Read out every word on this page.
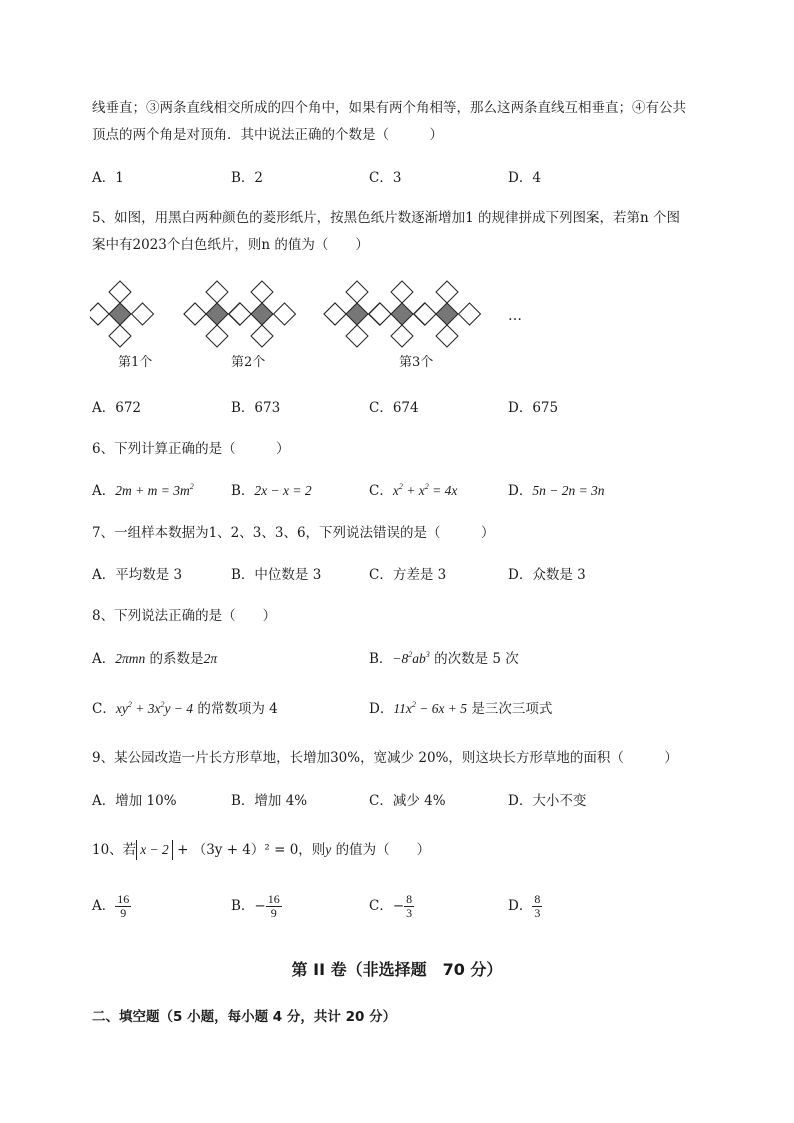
线垂直；③两条直线相交所成的四个角中，如果有两个角相等，那么这两条直线互相垂直；④有公共
顶点的两个角是对顶角．其中说法正确的个数是（　　　）
A．1	B．2	C．3	D．4
5、如图，用黑白两种颜色的菱形纸片，按黑色纸片数逐渐增加1 的规律拼成下列图案，若第n 个图
案中有2023个白色纸片，则n 的值为（　　）
…
第1个	第2个	第3个
A．672	B．673	C．674	D．675
6、下列计算正确的是（　　　）
A．$2m + m = 3m^2$	B．2x − x = 2	C．$x^2 + x^2 = 4x$	D．5n − 2n = 3n
7、一组样本数据为1、2、3、3、6，下列说法错误的是（　　　）
A．平均数是 3	B．中位数是 3	C．方差是 3	D．众数是 3
8、下列说法正确的是（　　）
A．2πmn 的系数是2π	B．$-8^2ab^3$ 的次数是 5 次
C．$xy^2 + 3x^2y - 4$ 的常数项为 4	D．$11x^2 - 6x + 5$ 是三次三项式
9、某公园改造一片长方形草地，长增加30%，宽减少 20%，则这块长方形草地的面积（　　　）
A．增加 10%	B．增加 4%	C．减少 4%	D．大小不变
10、若 x − 2 + （3y + 4）² = 0，则y 的值为（　　）
A． $\frac{16}{9}$	B．− $\frac{16}{9}$	C．− $\frac{8}{3}$	D． $\frac{8}{3}$
第 II 卷（非选择题　70 分）
二、填空题（5 小题，每小题 4 分，共计 20 分）
